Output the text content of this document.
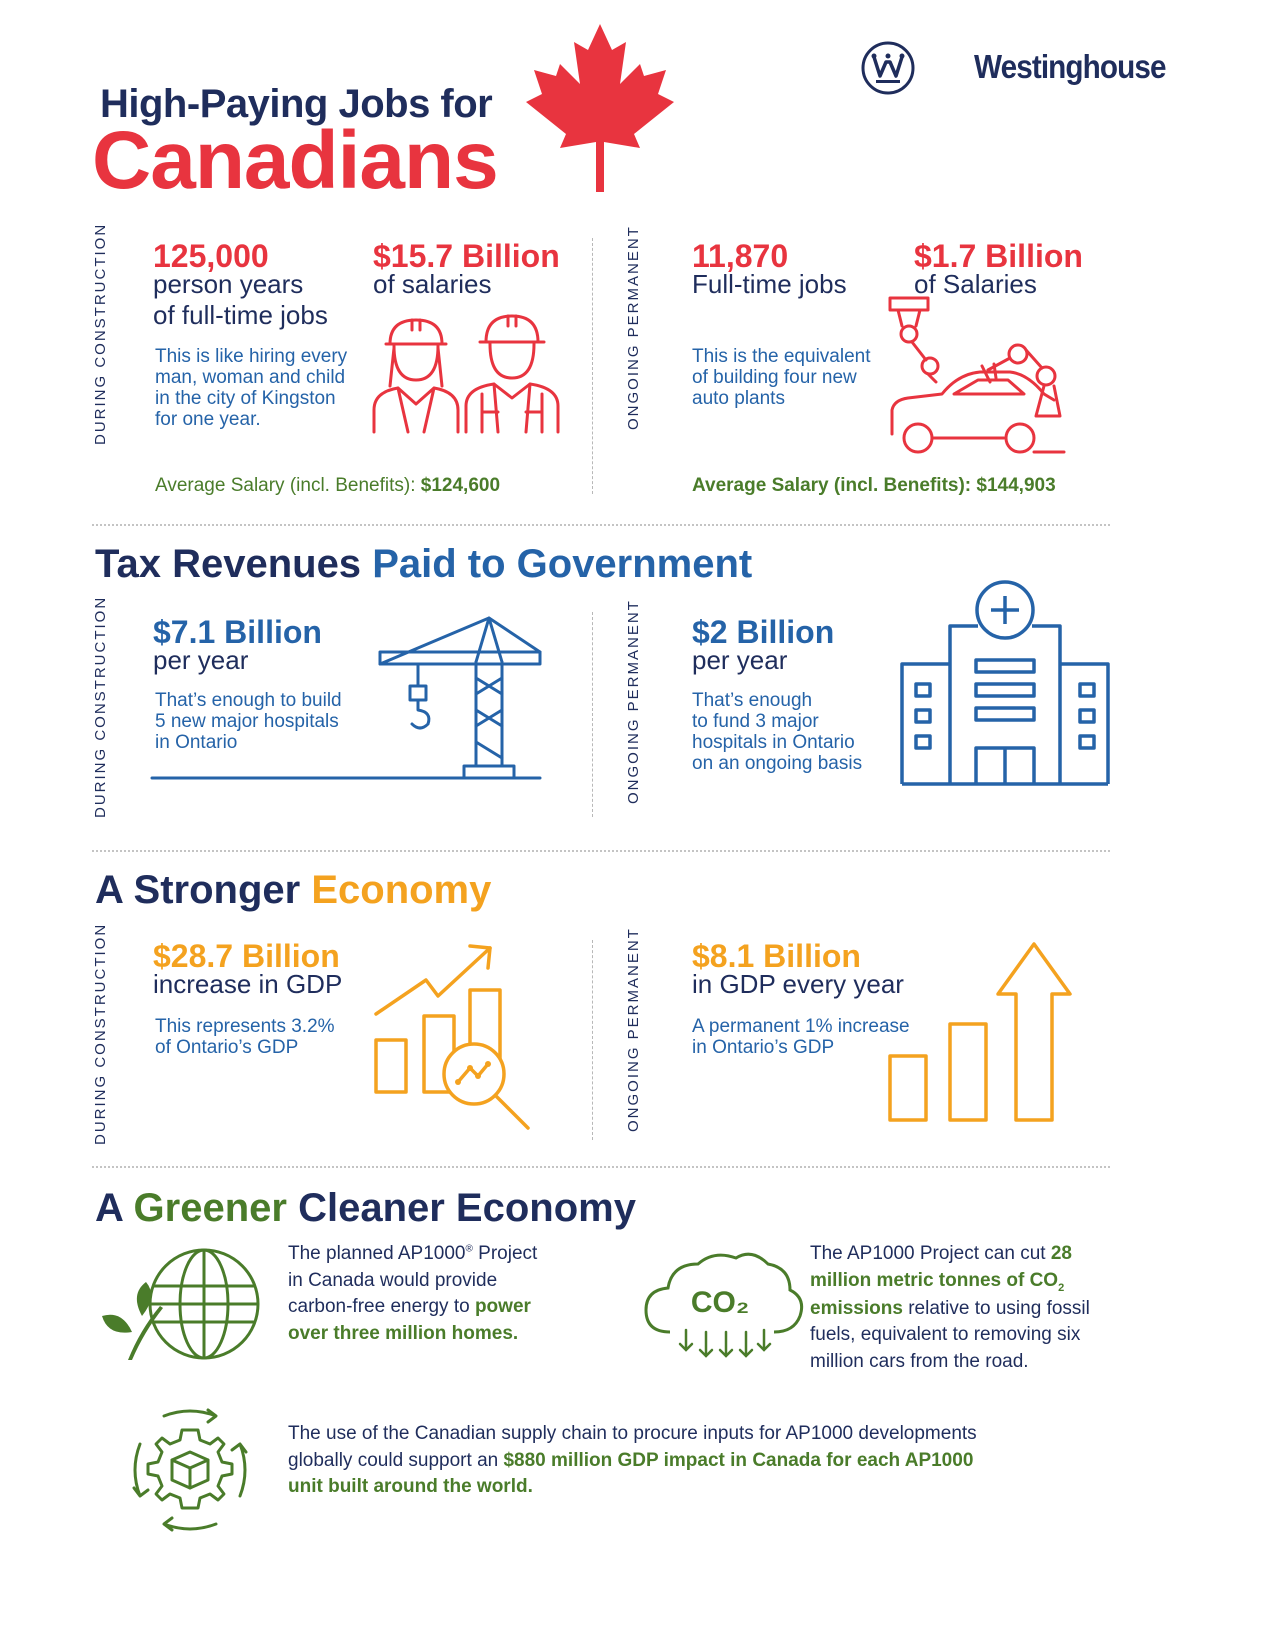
High-Paying Jobs for
Canadians
Westinghouse
DURING CONSTRUCTION 125,000
person years
of full-time jobs
$15.7 Billion
of salaries
This is like hiring every
man, woman and child
in the city of Kingston
for one year.
Average Salary (incl. Benefits): $124,600
ONGOING PERMANENT 11,870
Full-time jobs
$1.7 Billion
of Salaries
This is the equivalent
of building four new
auto plants
Average Salary (incl. Benefits): $144,903
Tax Revenues Paid to Government
DURING CONSTRUCTION $7.1 Billion
per year
That’s enough to build
5 new major hospitals
in Ontario	ONGOING PERMANENT $2 Billion
per year
That’s enough
to fund 3 major
hospitals in Ontario
on an ongoing basis
A Stronger Economy
DURING CONSTRUCTION $28.7 Billion
increase in GDP
This represents 3.2%
of Ontario’s GDP	ONGOING PERMANENT $8.1 Billion
in GDP every year
A permanent 1% increase
in Ontario’s GDP
A Greener Cleaner Economy
The planned AP1000® Project
in Canada would provide
carbon-free energy to power
over three million homes.
CO₂
The AP1000 Project can cut 28
million metric tonnes of $CO_2$
emissions relative to using fossil
fuels, equivalent to removing six
million cars from the road.
The use of the Canadian supply chain to procure inputs for AP1000 developments
globally could support an $880 million GDP impact in Canada for each AP1000
unit built around the world.
